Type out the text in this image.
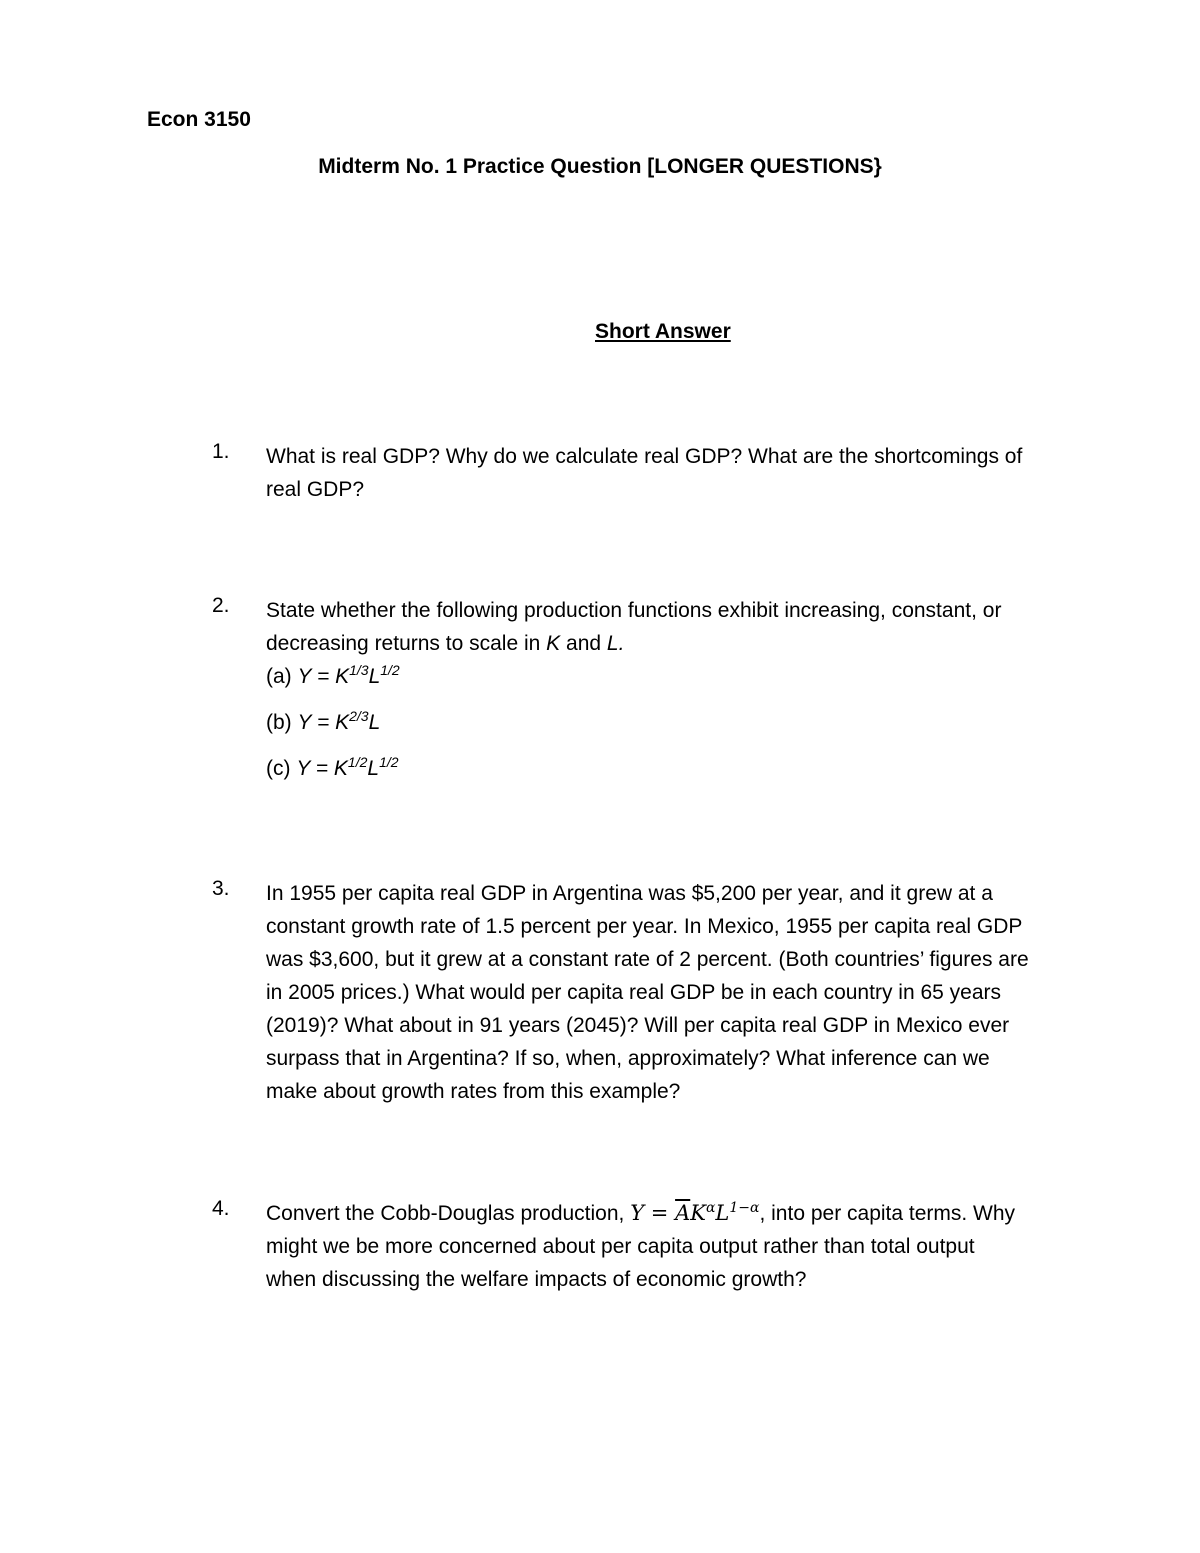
Econ 3150
Midterm No. 1 Practice Question [LONGER QUESTIONS}
Short Answer
1.	What is real GDP? Why do we calculate real GDP? What are the shortcomings of
real GDP?
2.	State whether the following production functions exhibit increasing, constant, or
decreasing returns to scale in K and L.
(a) $Y = K^{1/3}L^{1/2}$
(b) $Y = K^{2/3}L$
(c) $Y = K^{1/2}L^{1/2}$
3.	In 1955 per capita real GDP in Argentina was $5,200 per year, and it grew at a
constant growth rate of 1.5 percent per year. In Mexico, 1955 per capita real GDP
was $3,600, but it grew at a constant rate of 2 percent. (Both countries’ figures are
in 2005 prices.) What would per capita real GDP be in each country in 65 years
(2019)? What about in 91 years (2045)? Will per capita real GDP in Mexico ever
surpass that in Argentina? If so, when, approximately? What inference can we
make about growth rates from this example?
4.	Convert the Cobb-Douglas production, $Y = \overline{A}K^\alpha L^{1-\alpha}$, into per capita terms. Why
might we be more concerned about per capita output rather than total output
when discussing the welfare impacts of economic growth?
